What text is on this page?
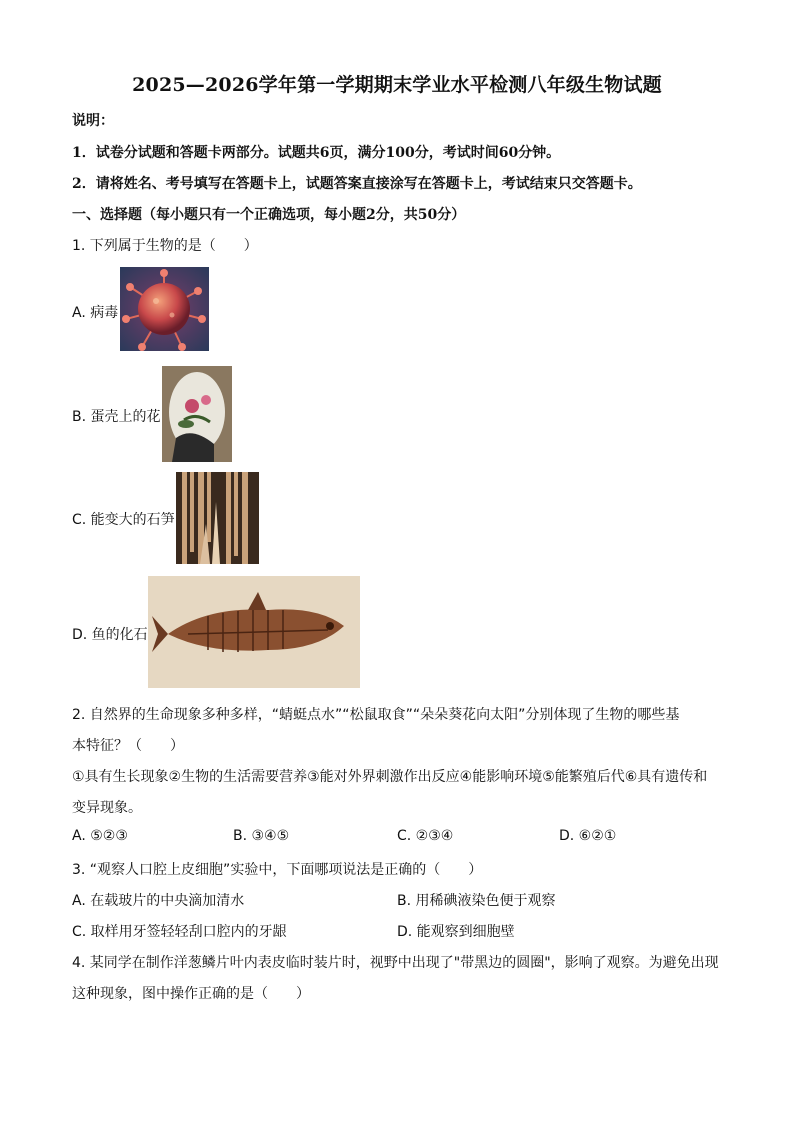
2025—2026学年第一学期期末学业水平检测八年级生物试题
说明：
1．试卷分试题和答题卡两部分。试题共6页，满分100分，考试时间60分钟。
2．请将姓名、考号填写在答题卡上，试题答案直接涂写在答题卡上，考试结束只交答题卡。
一、选择题（每小题只有一个正确选项，每小题2分，共50分）
1. 下列属于生物的是（　　）
A. 病毒
B. 蛋壳上的花
C. 能变大的石笋
D. 鱼的化石
2. 自然界的生命现象多种多样，“蜻蜓点水”“松鼠取食”“朵朵葵花向太阳”分别体现了生物的哪些基
本特征？（　　）
①具有生长现象②生物的生活需要营养③能对外界刺激作出反应④能影响环境⑤能繁殖后代⑥具有遗传和
变异现象。
A. ⑤②③	B. ③④⑤	C. ②③④	D. ⑥②①
3. “观察人口腔上皮细胞”实验中，下面哪项说法是正确的（　　）
A. 在载玻片的中央滴加清水	B. 用稀碘液染色便于观察
C. 取样用牙签轻轻刮口腔内的牙龈	D. 能观察到细胞壁
4. 某同学在制作洋葱鳞片叶内表皮临时装片时，视野中出现了"带黑边的圆圈"，影响了观察。为避免出现
这种现象，图中操作正确的是（　　）
